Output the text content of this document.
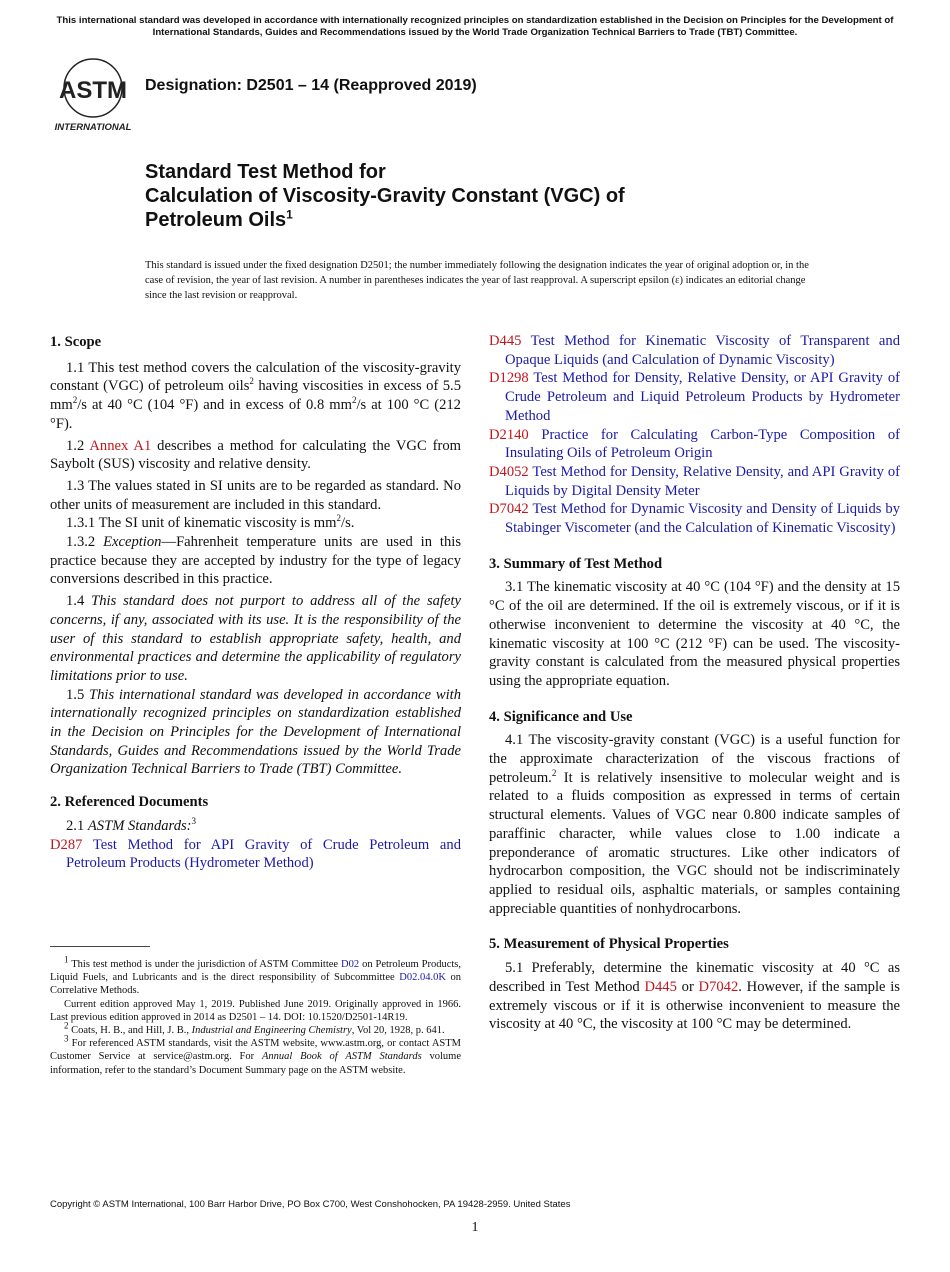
This international standard was developed in accordance with internationally recognized principles on standardization established in the Decision on Principles for the Development of International Standards, Guides and Recommendations issued by the World Trade Organization Technical Barriers to Trade (TBT) Committee.
ASTM
INTERNATIONAL
Designation: D2501 – 14 (Reapproved 2019)
Standard Test Method for
Calculation of Viscosity-Gravity Constant (VGC) of
Petroleum Oils$^1$
This standard is issued under the fixed designation D2501; the number immediately following the designation indicates the year of original adoption or, in the case of revision, the year of last revision. A number in parentheses indicates the year of last reapproval. A superscript epsilon (ε) indicates an editorial change since the last revision or reapproval.
1. Scope

1.1 This test method covers the calculation of the viscosity-gravity constant (VGC) of petroleum oils$^2$ having viscosities in excess of 5.5 $mm^2/s$ at 40 °C (104 °F) and in excess of 0.8 $mm^2/s$ at 100 °C (212 °F).

1.2 Annex A1 describes a method for calculating the VGC from Saybolt (SUS) viscosity and relative density.

1.3 The values stated in SI units are to be regarded as standard. No other units of measurement are included in this standard.

1.3.1 The SI unit of kinematic viscosity is $mm^2/s$.

1.3.2 Exception—Fahrenheit temperature units are used in this practice because they are accepted by industry for the type of legacy conversions described in this practice.

1.4 This standard does not purport to address all of the safety concerns, if any, associated with its use. It is the responsibility of the user of this standard to establish appropriate safety, health, and environmental practices and determine the applicability of regulatory limitations prior to use.

1.5 This international standard was developed in accordance with internationally recognized principles on standardization established in the Decision on Principles for the Development of International Standards, Guides and Recommendations issued by the World Trade Organization Technical Barriers to Trade (TBT) Committee.

2. Referenced Documents

2.1 ASTM Standards:$^3$

D287 Test Method for API Gravity of Crude Petroleum and Petroleum Products (Hydrometer Method)

$^1$ This test method is under the jurisdiction of ASTM Committee D02 on Petroleum Products, Liquid Fuels, and Lubricants and is the direct responsibility of Subcommittee D02.04.0K on Correlative Methods.

Current edition approved May 1, 2019. Published June 2019. Originally approved in 1966. Last previous edition approved in 2014 as D2501 – 14. DOI: 10.1520/D2501-14R19.

$^2$ Coats, H. B., and Hill, J. B., Industrial and Engineering Chemistry, Vol 20, 1928, p. 641.

$^3$ For referenced ASTM standards, visit the ASTM website, www.astm.org, or contact ASTM Customer Service at service@astm.org. For Annual Book of ASTM Standards volume information, refer to the standard’s Document Summary page on the ASTM website.

D445 Test Method for Kinematic Viscosity of Transparent and Opaque Liquids (and Calculation of Dynamic Viscosity)

D1298 Test Method for Density, Relative Density, or API Gravity of Crude Petroleum and Liquid Petroleum Products by Hydrometer Method

D2140 Practice for Calculating Carbon-Type Composition of Insulating Oils of Petroleum Origin

D4052 Test Method for Density, Relative Density, and API Gravity of Liquids by Digital Density Meter

D7042 Test Method for Dynamic Viscosity and Density of Liquids by Stabinger Viscometer (and the Calculation of Kinematic Viscosity)

3. Summary of Test Method

3.1 The kinematic viscosity at 40 °C (104 °F) and the density at 15 °C of the oil are determined. If the oil is extremely viscous, or if it is otherwise inconvenient to determine the viscosity at 40 °C, the kinematic viscosity at 100 °C (212 °F) can be used. The viscosity-gravity constant is calculated from the measured physical properties using the appropriate equation.

4. Significance and Use

4.1 The viscosity-gravity constant (VGC) is a useful function for the approximate characterization of the viscous fractions of petroleum.$^2$ It is relatively insensitive to molecular weight and is related to a fluids composition as expressed in terms of certain structural elements. Values of VGC near 0.800 indicate samples of paraffinic character, while values close to 1.00 indicate a preponderance of aromatic structures. Like other indicators of hydrocarbon composition, the VGC should not be indiscriminately applied to residual oils, asphaltic materials, or samples containing appreciable quantities of nonhydrocarbons.

5. Measurement of Physical Properties

5.1 Preferably, determine the kinematic viscosity at 40 °C as described in Test Method D445 or D7042. However, if the sample is extremely viscous or if it is otherwise inconvenient to measure the viscosity at 40 °C, the viscosity at 100 °C may be determined.

Copyright © ASTM International, 100 Barr Harbor Drive, PO Box C700, West Conshohocken, PA 19428-2959. United States
1
